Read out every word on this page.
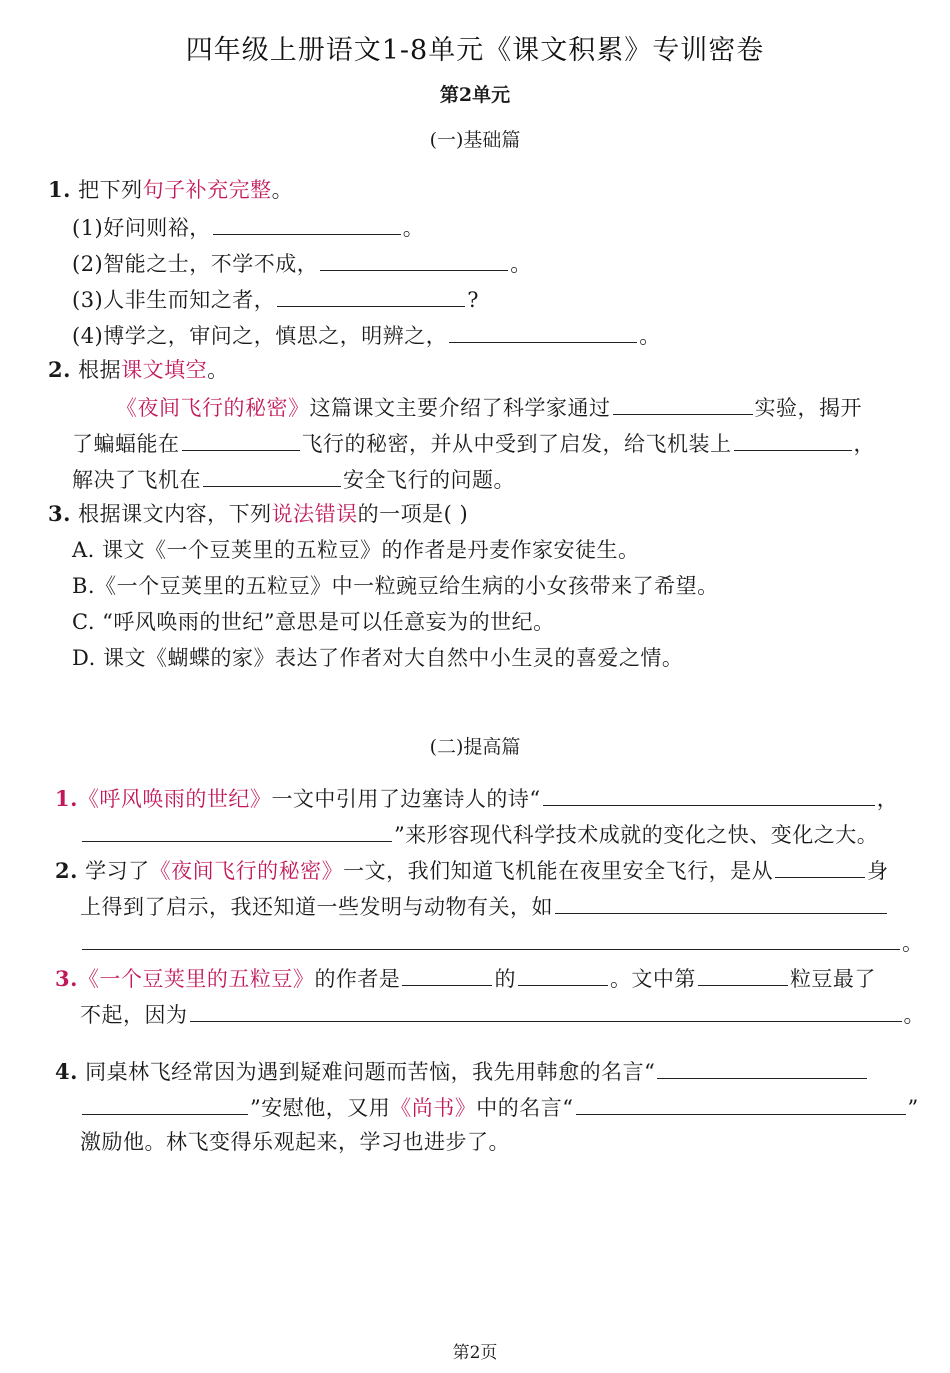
四年级上册语文1-8单元《课文积累》专训密卷
第2单元
(一)基础篇
1. 把下列句子补充完整。
(1)好问则裕，	。
(2)智能之士，不学不成，	。
(3)人非生而知之者，	?
(4)博学之，审问之，慎思之，明辨之，	。
2. 根据课文填空。
《夜间飞行的秘密》这篇课文主要介绍了科学家通过	实验，揭开
了蝙蝠能在	飞行的秘密，并从中受到了启发，给飞机装上	，
解决了飞机在	安全飞行的问题。
3. 根据课文内容，下列说法错误的一项是( )
A. 课文《一个豆荚里的五粒豆》的作者是丹麦作家安徒生。
B.《一个豆荚里的五粒豆》中一粒豌豆给生病的小女孩带来了希望。
C. “呼风唤雨的世纪”意思是可以任意妄为的世纪。
D. 课文《蝴蝶的家》表达了作者对大自然中小生灵的喜爱之情。
(二)提高篇
1.《呼风唤雨的世纪》一文中引用了边塞诗人的诗“	，
”来形容现代科学技术成就的变化之快、变化之大。
2. 学习了《夜间飞行的秘密》一文，我们知道飞机能在夜里安全飞行，是从	身
上得到了启示，我还知道一些发明与动物有关，如
。
3.《一个豆荚里的五粒豆》的作者是	的	。文中第	粒豆最了
不起，因为	。
4. 同桌林飞经常因为遇到疑难问题而苦恼，我先用韩愈的名言“
”安慰他，又用《尚书》中的名言“	”
激励他。林飞变得乐观起来，学习也进步了。
第2页
